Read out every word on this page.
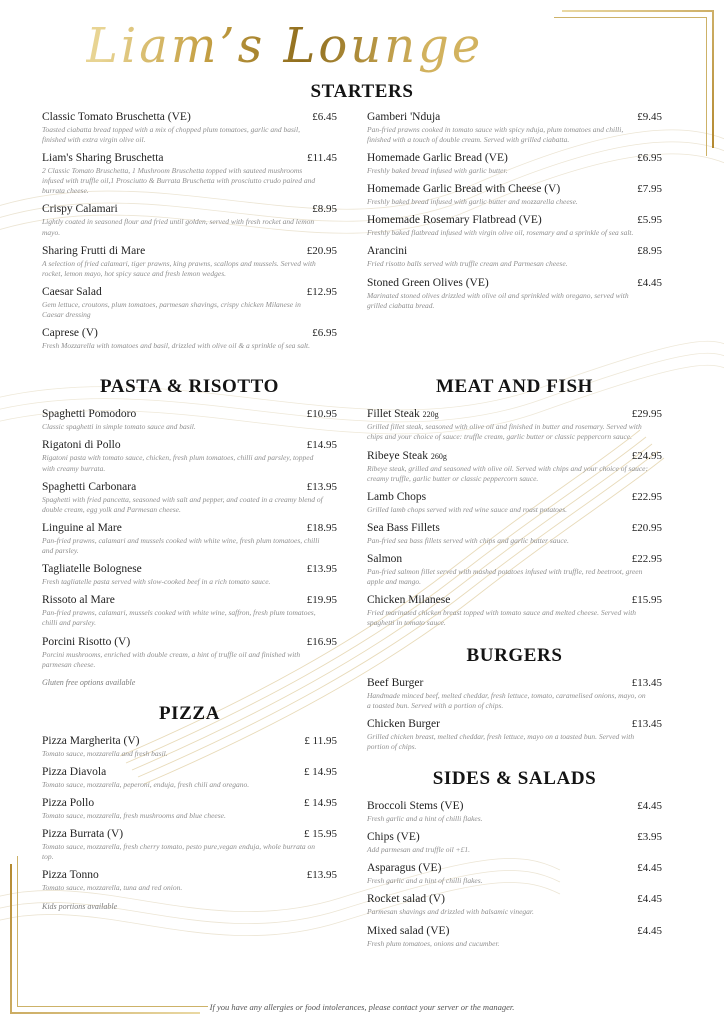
Liam’s Lounge
STARTERS
Classic Tomato Bruschetta (VE)	£6.45

Toasted ciabatta bread topped with a mix of chopped plum tomatoes, garlic and basil, finished with extra virgin olive oil.

Liam's Sharing Bruschetta	£11.45

2 Classic Tomato Bruschetta, 1 Mushroom Bruschetta topped with sauteed mushrooms infused with truffle oil,1 Prosciutto & Burrata Bruschetta with prosciutto crudo paired and burrata cheese.

Crispy Calamari	£8.95

Lightly coated in seasoned flour and fried until golden, served with fresh rocket and lemon mayo.

Sharing Frutti di Mare	£20.95

A selection of fried calamari, tiger prawns, king prawns, scallops and mussels. Served with rocket, lemon mayo, hot spicy sauce and fresh lemon wedges.

Caesar Salad	£12.95

Gem lettuce, croutons, plum tomatoes, parmesan shavings, crispy chicken Milanese in Caesar dressing

Caprese (V)	£6.95

Fresh Mozzarella with tomatoes and basil, drizzled with olive oil & a sprinkle of sea salt.

Gamberi 'Nduja	£9.45

Pan-fried prawns cooked in tomato sauce with spicy nduja, plum tomatoes and chilli, finished with a touch of double cream. Served with grilled ciabatta.

Homemade Garlic Bread (VE)	£6.95

Freshly baked bread infused with garlic butter.

Homemade Garlic Bread with Cheese (V)	£7.95

Freshly baked bread infused with garlic butter and mozzarella cheese.

Homemade Rosemary Flatbread (VE)	£5.95

Freshly baked flatbread infused with virgin olive oil, rosemary and a sprinkle of sea salt.

Arancini	£8.95

Fried risotto balls served with truffle cream and Parmesan cheese.

Stoned Green Olives (VE)	£4.45

Marinated stoned olives drizzled with olive oil and sprinkled with oregano, served with grilled ciabatta bread.

PASTA & RISOTTO
Spaghetti Pomodoro	£10.95

Classic spaghetti in simple tomato sauce and basil.

Rigatoni di Pollo	£14.95

Rigatoni pasta with tomato sauce, chicken, fresh plum tomatoes, chilli and parsley, topped with creamy burrata.

Spaghetti Carbonara	£13.95

Spaghetti with fried pancetta, seasoned with salt and pepper, and coated in a creamy blend of double cream, egg yolk and Parmesan cheese.

Linguine al Mare	£18.95

Pan-fried prawns, calamari and mussels cooked with white wine, fresh plum tomatoes, chilli and parsley.

Tagliatelle Bolognese	£13.95

Fresh tagliatelle pasta served with slow-cooked beef in a rich tomato sauce.

Rissoto al Mare	£19.95

Pan-fried prawns, calamari, mussels cooked with white wine, saffron, fresh plum tomatoes, chilli and parsley.

Porcini Risotto (V)	£16.95

Porcini mushrooms, enriched with double cream, a hint of truffle oil and finished with parmesan cheese.

Gluten free options available
PIZZA
Pizza Margherita (V)	£ 11.95

Tomato sauce, mozzarella and fresh basil.

Pizza Diavola	£ 14.95

Tomato sauce, mozzarella, peperoni, enduja, fresh chili and oregano.

Pizza Pollo	£ 14.95

Tomato sauce, mozzarella, fresh mushrooms and blue cheese.

Pizza Burrata (V)	£ 15.95

Tomato sauce, mozzarella, fresh cherry tomato, pesto pure,vegan enduja, whole burrata on top.

Pizza Tonno	£13.95

Tomato sauce, mozzarella, tuna and red onion.

Kids portions available
MEAT AND FISH
Fillet Steak 220g	£29.95

Grilled fillet steak, seasoned with olive oil and finished in butter and rosemary. Served with chips and your choice of sauce: truffle cream, garlic butter or classic peppercorn sauce.

Ribeye Steak 260g	£24.95

Ribeye steak, grilled and seasoned with olive oil. Served with chips and your choice of sauce: creamy truffle, garlic butter or classic peppercorn sauce.

Lamb Chops	£22.95

Grilled lamb chops served with red wine sauce and roast potatoes.

Sea Bass Fillets	£20.95

Pan-fried sea bass fillets served with chips and garlic butter sauce.

Salmon	£22.95

Pan-fried salmon fillet served with mashed potatoes infused with truffle, red beetroot, green apple and mango.

Chicken Milanese	£15.95

Fried marinated chicken breast topped with tomato sauce and melted cheese. Served with spaghetti in tomato sauce.

BURGERS
Beef Burger	£13.45

Handmade minced beef, melted cheddar, fresh lettuce, tomato, caramelised onions, mayo, on a toasted bun. Served with a portion of chips.

Chicken Burger	£13.45

Grilled chicken breast, melted cheddar, fresh lettuce, mayo on a toasted bun. Served with portion of chips.

SIDES & SALADS
Broccoli Stems (VE)	£4.45

Fresh garlic and a hint of chilli flakes.

Chips (VE)	£3.95

Add parmesan and truffle oil +£1.

Asparagus (VE)	£4.45

Fresh garlic and a hint of chilli flakes.

Rocket salad (V)	£4.45

Parmesan shavings and drizzled with balsamic vinegar.

Mixed salad (VE)	£4.45

Fresh plum tomatoes, onions and cucumber.

If you have any allergies or food intolerances, please contact your server or the manager.
